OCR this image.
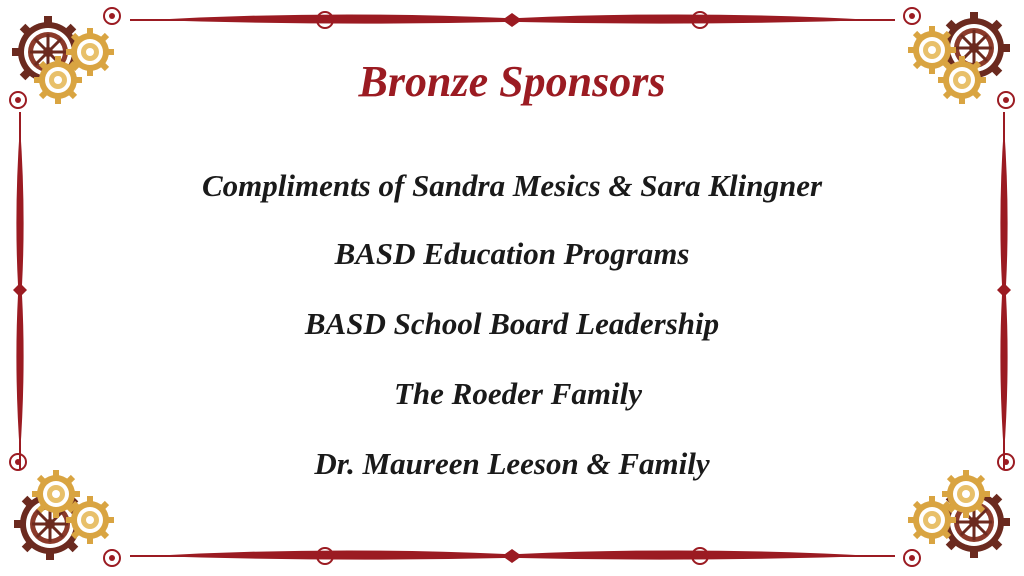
Bronze Sponsors

Compliments of Sandra Mesics & Sara Klingner

BASD Education Programs

BASD School Board Leadership

The Roeder Family

Dr. Maureen Leeson & Family
